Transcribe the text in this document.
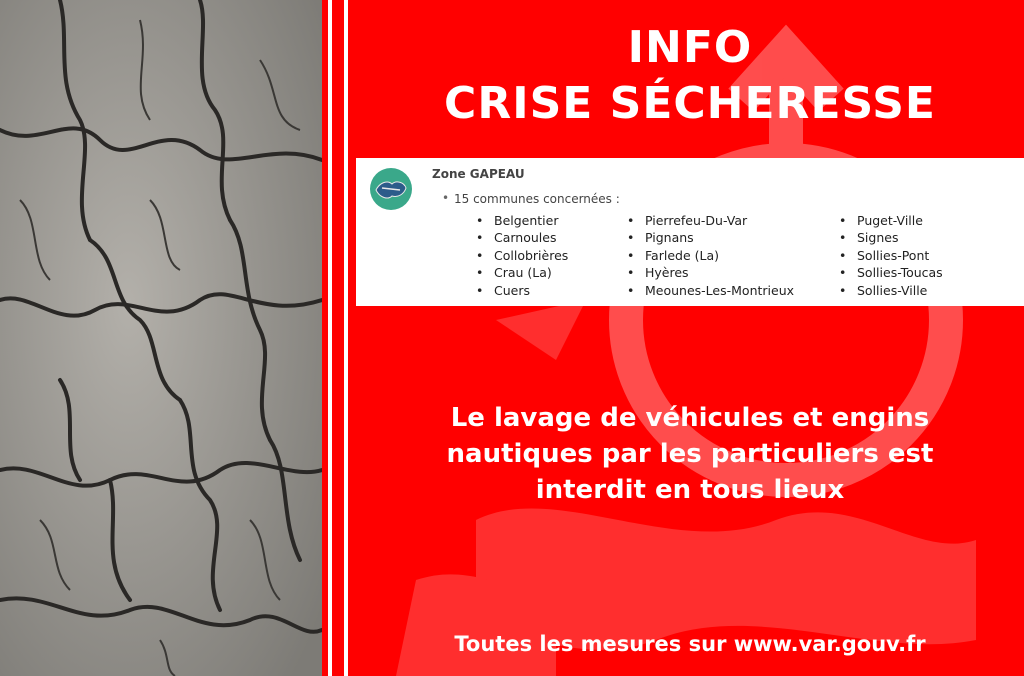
INFO
CRISE SÉCHERESSE
Le lavage de véhicules et engins
nautiques par les particuliers est
interdit en tous lieux
Toutes les mesures sur www.var.gouv.fr
Zone GAPEAU
• 15 communes concernées :
• Belgentier
• Carnoules
• Collobrières
• Crau (La)
• Cuers
• Pierrefeu-Du-Var
• Pignans
• Farlede (La)
• Hyères
• Meounes-Les-Montrieux
• Puget-Ville
• Signes
• Sollies-Pont
• Sollies-Toucas
• Sollies-Ville
